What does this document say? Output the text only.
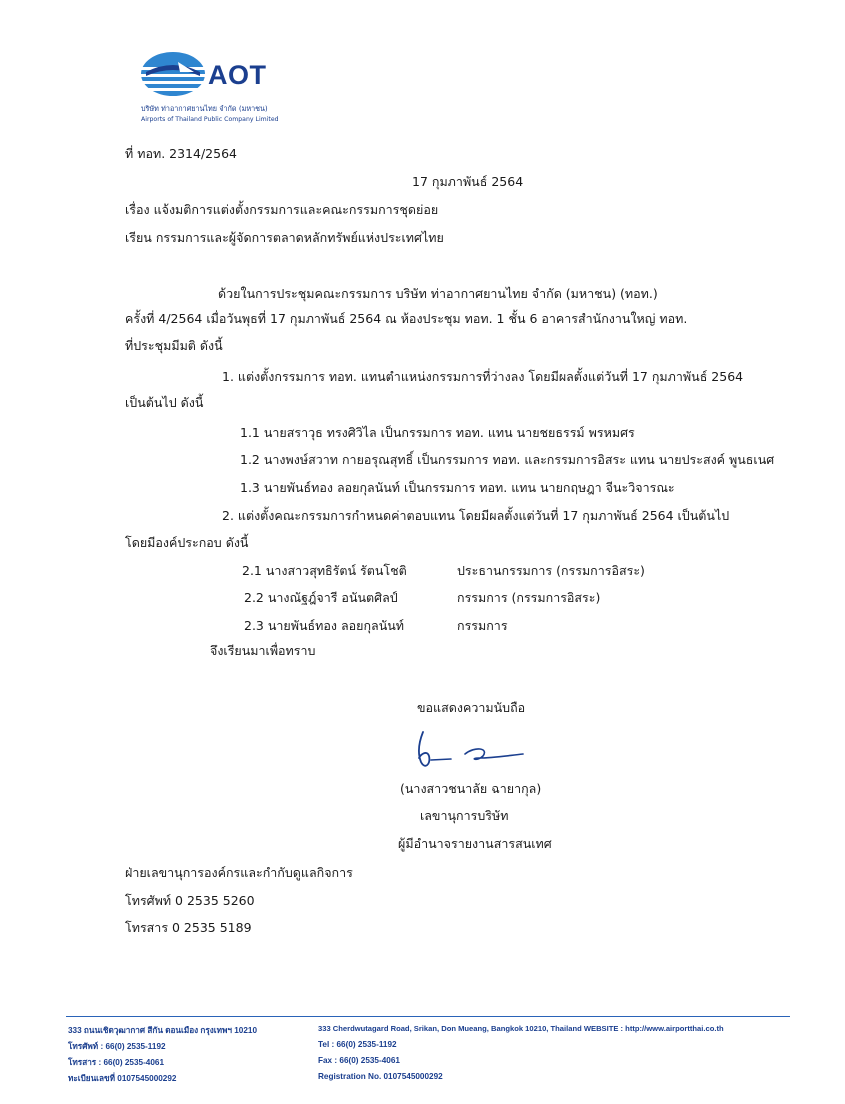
AOT
บริษัท ท่าอากาศยานไทย จำกัด (มหาชน)
Airports of Thailand Public Company Limited
ที่ ทอท. 2314/2564
17 กุมภาพันธ์ 2564
เรื่อง แจ้งมติการแต่งตั้งกรรมการและคณะกรรมการชุดย่อย
เรียน กรรมการและผู้จัดการตลาดหลักทรัพย์แห่งประเทศไทย
ด้วยในการประชุมคณะกรรมการ บริษัท ท่าอากาศยานไทย จำกัด (มหาชน) (ทอท.)
ครั้งที่ 4/2564 เมื่อวันพุธที่ 17 กุมภาพันธ์ 2564 ณ ห้องประชุม ทอท. 1 ชั้น 6 อาคารสำนักงานใหญ่ ทอท.
ที่ประชุมมีมติ ดังนี้
1. แต่งตั้งกรรมการ ทอท. แทนตำแหน่งกรรมการที่ว่างลง โดยมีผลตั้งแต่วันที่ 17 กุมภาพันธ์ 2564
เป็นต้นไป ดังนี้
1.1 นายสราวุธ ทรงศิวิไล เป็นกรรมการ ทอท. แทน นายชยธรรม์ พรหมศร
1.2 นางพงษ์สวาท กายอรุณสุทธิ์ เป็นกรรมการ ทอท. และกรรมการอิสระ แทน นายประสงค์ พูนธเนศ
1.3 นายพันธ์ทอง ลอยกุลนันท์ เป็นกรรมการ ทอท. แทน นายกฤษฎา จีนะวิจารณะ
2. แต่งตั้งคณะกรรมการกำหนดค่าตอบแทน โดยมีผลตั้งแต่วันที่ 17 กุมภาพันธ์ 2564 เป็นต้นไป
โดยมีองค์ประกอบ ดังนี้
2.1 นางสาวสุทธิรัตน์ รัตนโชติ	ประธานกรรมการ (กรรมการอิสระ)
2.2 นางณัฐฎ์จารี อนันตศิลป์	กรรมการ (กรรมการอิสระ)
2.3 นายพันธ์ทอง ลอยกุลนันท์	กรรมการ
จึงเรียนมาเพื่อทราบ
ขอแสดงความนับถือ
(นางสาวชนาลัย ฉายากุล)
เลขานุการบริษัท
ผู้มีอำนาจรายงานสารสนเทศ
ฝ่ายเลขานุการองค์กรและกำกับดูแลกิจการ
โทรศัพท์ 0 2535 5260
โทรสาร 0 2535 5189
333 ถนนเชิดวุฒากาศ สีกัน ดอนเมือง กรุงเทพฯ 10210
โทรศัพท์ : 66(0) 2535-1192
โทรสาร : 66(0) 2535-4061
ทะเบียนเลขที่ 0107545000292
333 Cherdwutagard Road, Srikan, Don Mueang, Bangkok 10210, Thailand WEBSITE : http://www.airportthai.co.th
Tel : 66(0) 2535-1192
Fax : 66(0) 2535-4061
Registration No. 0107545000292
